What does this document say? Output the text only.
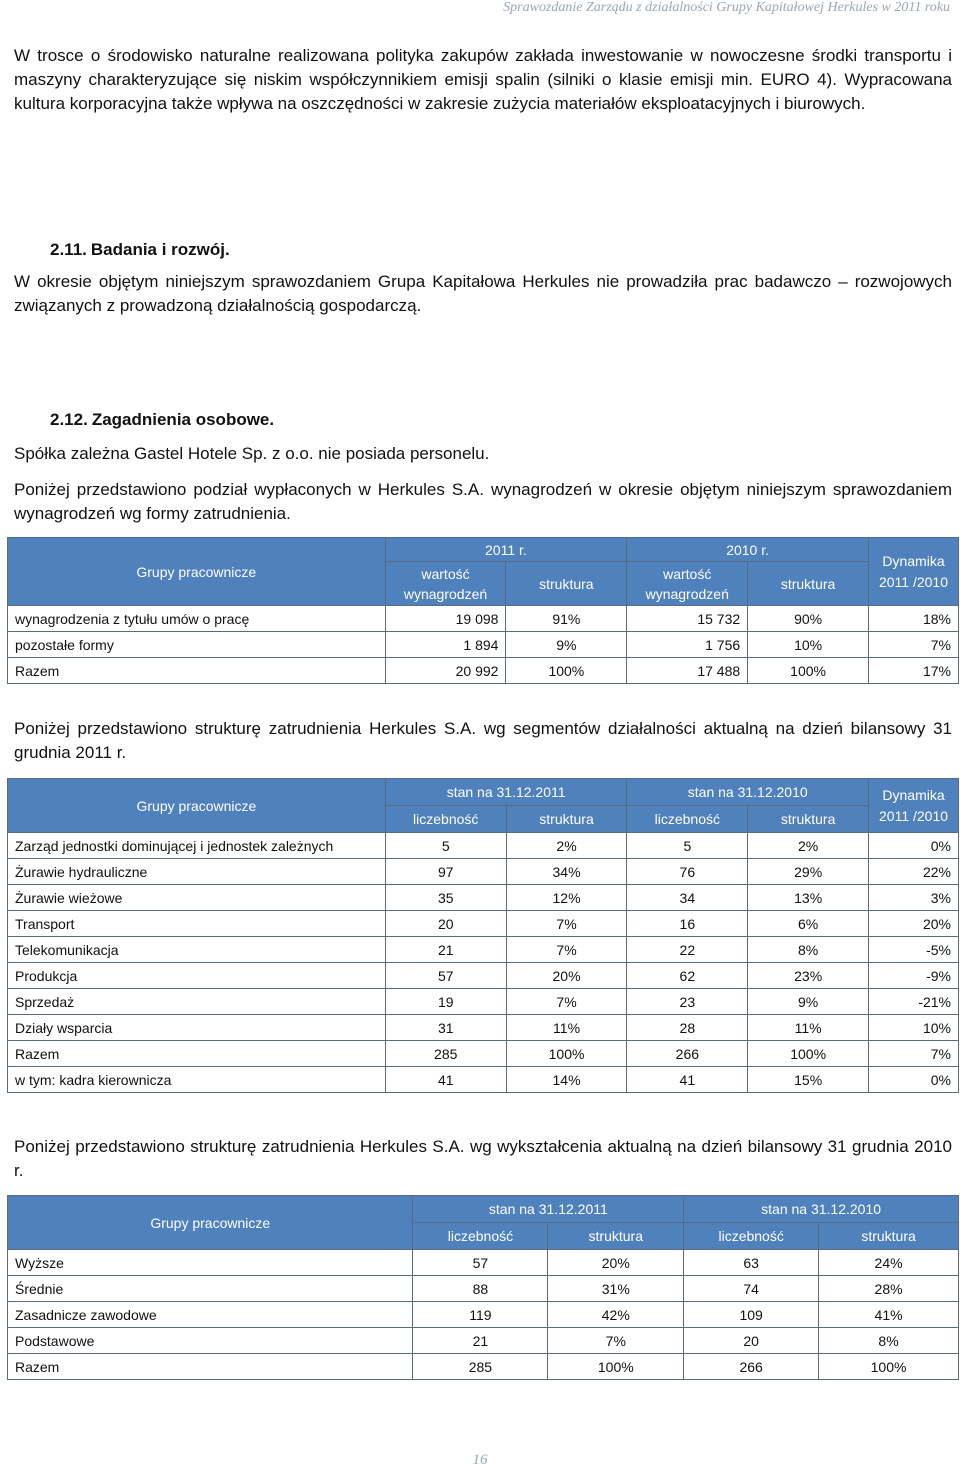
Sprawozdanie Zarządu z działalności Grupy Kapitałowej Herkules w 2011 roku

W trosce o środowisko naturalne realizowana polityka zakupów zakłada inwestowanie w nowoczesne środki transportu i maszyny charakteryzujące się niskim współczynnikiem emisji spalin (silniki o klasie emisji min. EURO 4). Wypracowana kultura korporacyjna także wpływa na oszczędności w zakresie zużycia materiałów eksploatacyjnych i biurowych.

2.11. Badania i rozwój.

W okresie objętym niniejszym sprawozdaniem Grupa Kapitałowa Herkules nie prowadziła prac badawczo – rozwojowych związanych z prowadzoną działalnością gospodarczą.

2.12. Zagadnienia osobowe.

Spółka zależna Gastel Hotele Sp. z o.o. nie posiada personelu.

Poniżej przedstawiono podział wypłaconych w Herkules S.A. wynagrodzeń w okresie objętym niniejszym sprawozdaniem wynagrodzeń wg formy zatrudnienia.

Grupy pracownicze	2011 r.		2010 r.		Dynamika 2011 /2010
	wartość wynagrodzeń	struktura	wartość wynagrodzeń	struktura	
wynagrodzenia z tytułu umów o pracę	19 098	91%	15 732	90%	18%
pozostałe formy	1 894	9%	1 756	10%	7%
Razem	20 992	100%	17 488	100%	17%

Poniżej przedstawiono strukturę zatrudnienia Herkules S.A. wg segmentów działalności aktualną na dzień bilansowy 31 grudnia 2011 r.

Grupy pracownicze	stan na 31.12.2011		stan na 31.12.2010		Dynamika 2011 /2010
	liczebność	struktura	liczebność	struktura	
Zarząd jednostki dominującej i jednostek zależnych	5	2%	5	2%	0%
Żurawie hydrauliczne	97	34%	76	29%	22%
Żurawie wieżowe	35	12%	34	13%	3%
Transport	20	7%	16	6%	20%
Telekomunikacja	21	7%	22	8%	-5%
Produkcja	57	20%	62	23%	-9%
Sprzedaż	19	7%	23	9%	-21%
Działy wsparcia	31	11%	28	11%	10%
Razem	285	100%	266	100%	7%
w tym: kadra kierownicza	41	14%	41	15%	0%

Poniżej przedstawiono strukturę zatrudnienia Herkules S.A. wg wykształcenia aktualną na dzień bilansowy 31 grudnia 2010 r.

Grupy pracownicze	stan na 31.12.2011		stan na 31.12.2010	
	liczebność	struktura	liczebność	struktura
Wyższe	57	20%	63	24%
Średnie	88	31%	74	28%
Zasadnicze zawodowe	119	42%	109	41%
Podstawowe	21	7%	20	8%
Razem	285	100%	266	100%
16
